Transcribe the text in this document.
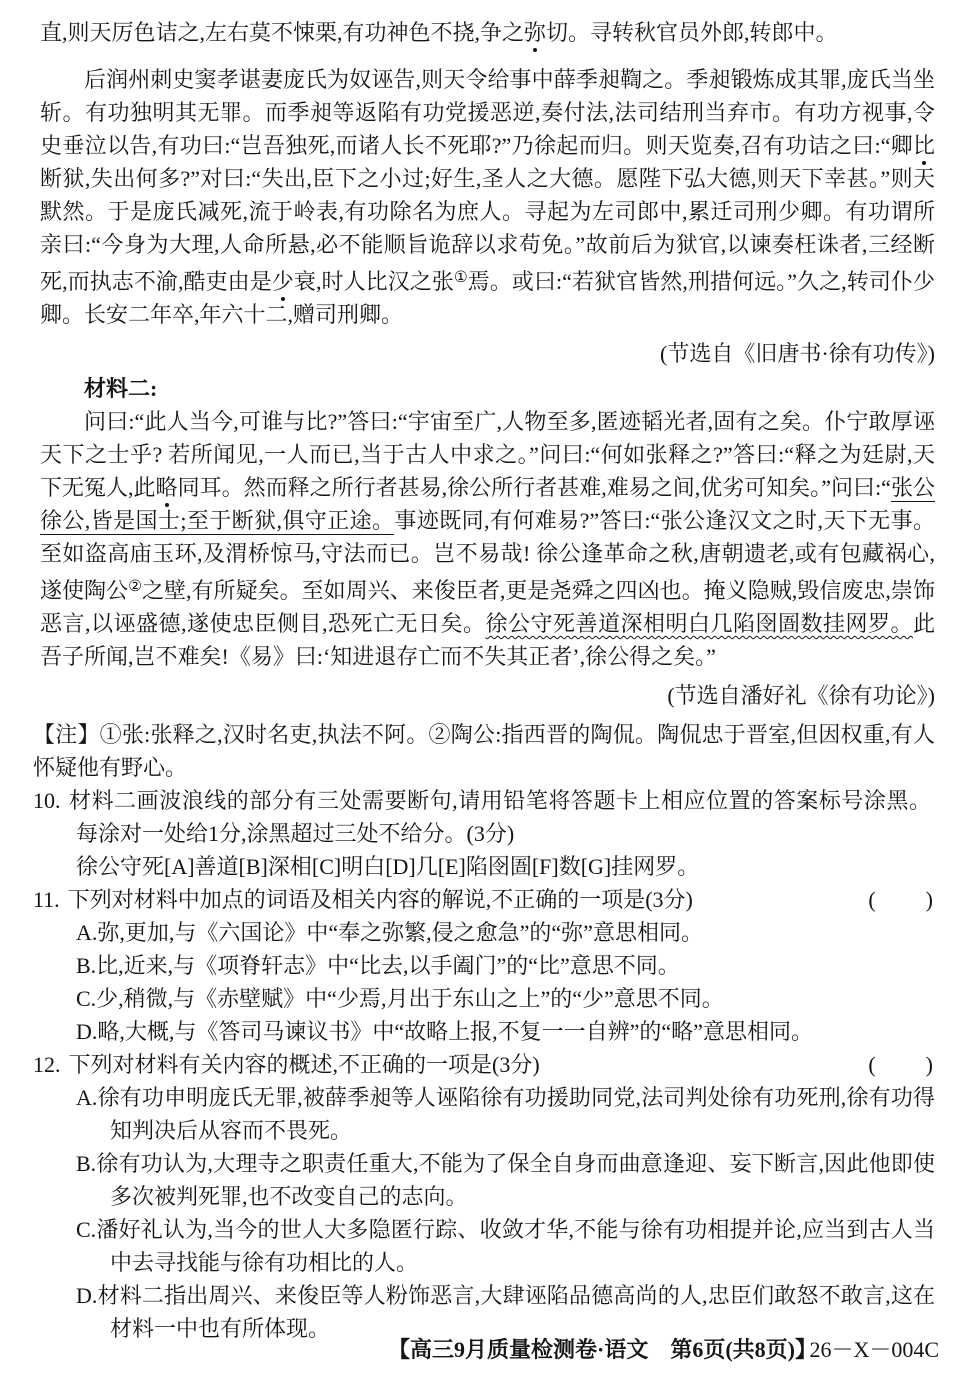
直,则天厉色诘之,左右莫不悚栗,有功神色不挠,争之弥切。寻转秋官员外郎,转郎中。

后润州刺史窦孝谌妻庞氏为奴诬告,则天令给事中薛季昶鞫之。季昶锻炼成其罪,庞氏当坐斩。有功独明其无罪。而季昶等返陷有功党援恶逆,奏付法,法司结刑当弃市。有功方视事,令史垂泣以告,有功曰:“岂吾独死,而诸人长不死耶?”乃徐起而归。则天览奏,召有功诘之曰:“卿比断狱,失出何多?”对曰:“失出,臣下之小过;好生,圣人之大德。愿陛下弘大德,则天下幸甚。”则天默然。于是庞氏减死,流于岭表,有功除名为庶人。寻起为左司郎中,累迁司刑少卿。有功谓所亲曰:“今身为大理,人命所悬,必不能顺旨诡辞以求苟免。”故前后为狱官,以谏奏枉诛者,三经断死,而执志不渝,酷吏由是少衰,时人比汉之张①焉。或曰:“若狱官皆然,刑措何远。”久之,转司仆少卿。长安二年卒,年六十二,赠司刑卿。

(节选自《旧唐书·徐有功传》)

材料二:

问曰:“此人当今,可谁与比?”答曰:“宇宙至广,人物至多,匿迹韬光者,固有之矣。仆宁敢厚诬天下之士乎? 若所闻见,一人而已,当于古人中求之。”问曰:“何如张释之?”答曰:“释之为廷尉,天下无冤人,此略同耳。然而释之所行者甚易,徐公所行者甚难,难易之间,优劣可知矣。”问曰:“张公徐公,皆是国士;至于断狱,俱守正途。事迹既同,有何难易?”答曰:“张公逢汉文之时,天下无事。至如盗高庙玉环,及渭桥惊马,守法而已。岂不易哉! 徐公逢革命之秋,唐朝遗老,或有包藏祸心,遂使陶公②之壁,有所疑矣。至如周兴、来俊臣者,更是尧舜之四凶也。掩义隐贼,毁信废忠,崇饰恶言,以诬盛德,遂使忠臣侧目,恐死亡无日矣。徐公守死善道深相明白几陷囹圄数挂网罗。此吾子所闻,岂不难矣!《易》曰:‘知进退存亡而不失其正者’,徐公得之矣。”

(节选自潘好礼《徐有功论》)

【注】①张:张释之,汉时名吏,执法不阿。②陶公:指西晋的陶侃。陶侃忠于晋室,但因权重,有人怀疑他有野心。

10. 材料二画波浪线的部分有三处需要断句,请用铅笔将答题卡上相应位置的答案标号涂黑。每涂对一处给1分,涂黑超过三处不给分。(3分)
徐公守死[A]善道[B]深相[C]明白[D]几[E]陷囹圄[F]数[G]挂网罗。
11. 下列对材料中加点的词语及相关内容的解说,不正确的一项是(3分)	(　　)
A.弥,更加,与《六国论》中“奉之弥繁,侵之愈急”的“弥”意思相同。
B.比,近来,与《项脊轩志》中“比去,以手阖门”的“比”意思不同。
C.少,稍微,与《赤壁赋》中“少焉,月出于东山之上”的“少”意思不同。
D.略,大概,与《答司马谏议书》中“故略上报,不复一一自辨”的“略”意思相同。
12. 下列对材料有关内容的概述,不正确的一项是(3分)	(　　)
A.徐有功申明庞氏无罪,被薛季昶等人诬陷徐有功援助同党,法司判处徐有功死刑,徐有功得知判决后从容而不畏死。
B.徐有功认为,大理寺之职责任重大,不能为了保全自身而曲意逢迎、妄下断言,因此他即使多次被判死罪,也不改变自己的志向。
C.潘好礼认为,当今的世人大多隐匿行踪、收敛才华,不能与徐有功相提并论,应当到古人当中去寻找能与徐有功相比的人。
D.材料二指出周兴、来俊臣等人粉饰恶言,大肆诬陷品德高尚的人,忠臣们敢怒不敢言,这在材料一中也有所体现。
【高三9月质量检测卷·语文　第6页(共8页)】
26－X－004C
